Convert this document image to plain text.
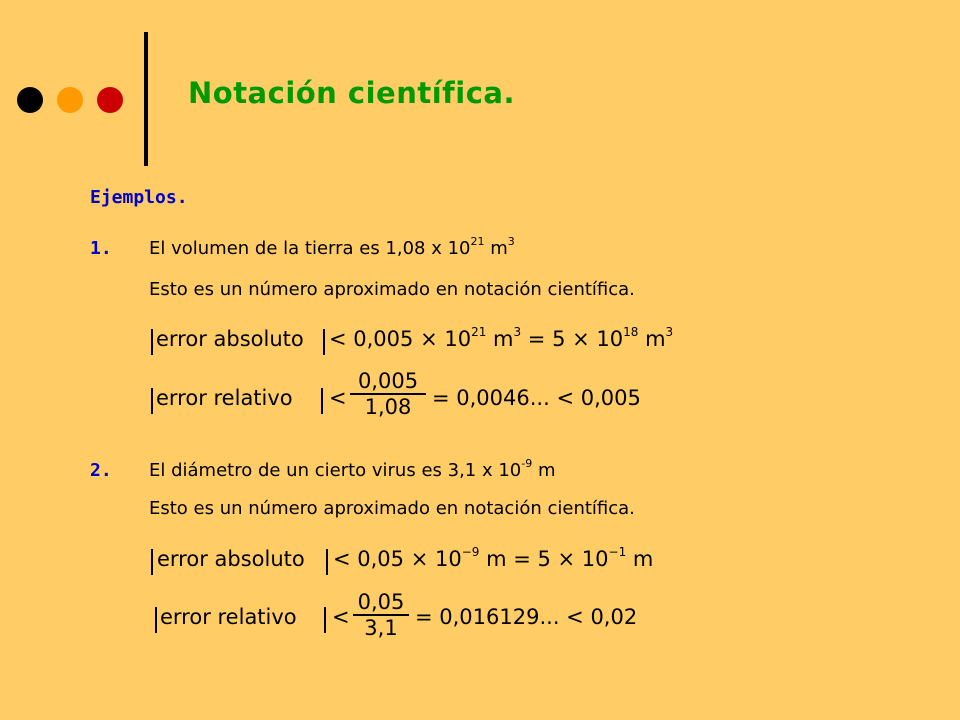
Notación científica.
Ejemplos.
1. El volumen de la tierra es 1,08 x $10^{21}$ $m^3$
Esto es un número aproximado en notación científica.
error absoluto < $0,005 \times 10^{21}$ $m^3 = 5 \times 10^{18}$ $m^3$
error relativo <
0,005
1,08 = 0,0046... < 0,005
2. El diámetro de un cierto virus es 3,1 x $10^{-9}$ m
Esto es un número aproximado en notación científica.
error absoluto < $0,05 \times 10^{-9}$ $m = 5 \times 10^{-1}$ m
error relativo <
0,05
3,1 = 0,016129... < 0,02
